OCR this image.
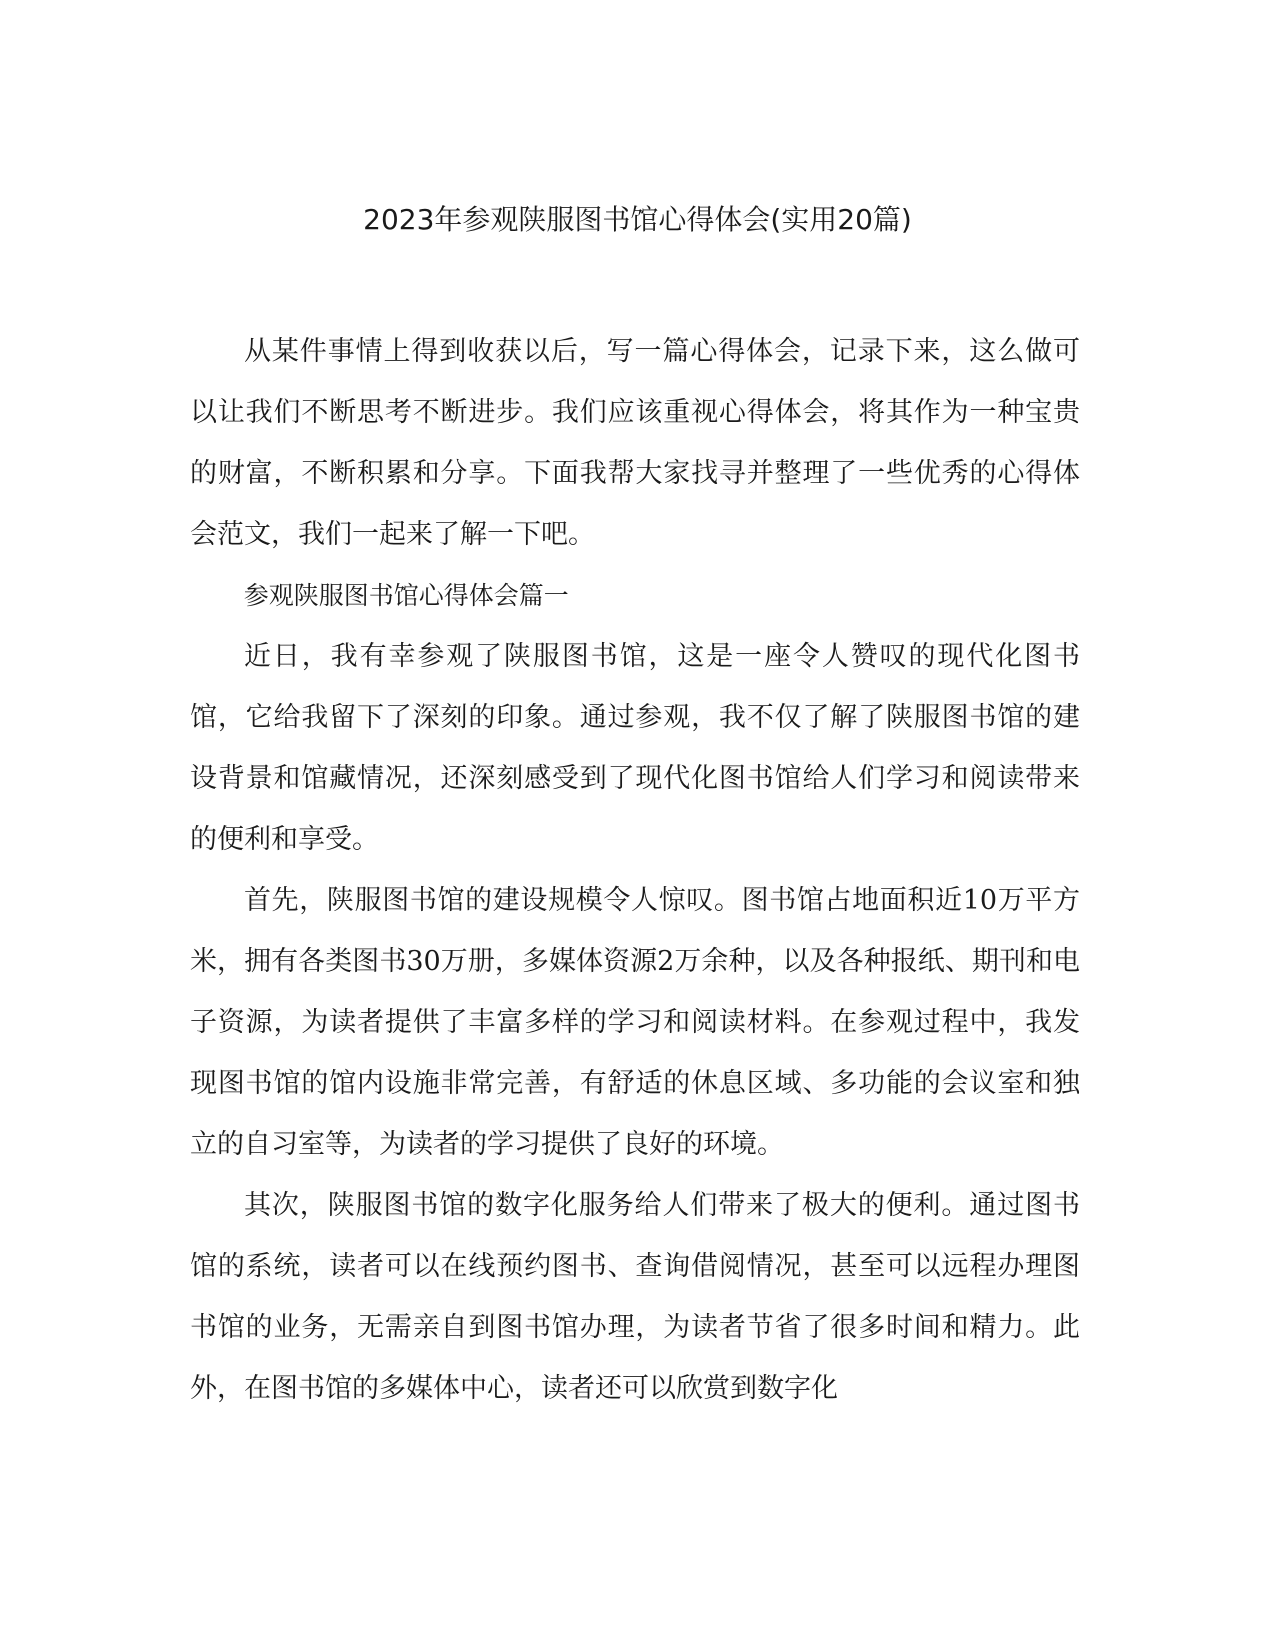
2023年参观陕服图书馆心得体会(实用20篇)

从某件事情上得到收获以后，写一篇心得体会，记录下来，这么做可以让我们不断思考不断进步。我们应该重视心得体会，将其作为一种宝贵的财富，不断积累和分享。下面我帮大家找寻并整理了一些优秀的心得体会范文，我们一起来了解一下吧。

参观陕服图书馆心得体会篇一

近日，我有幸参观了陕服图书馆，这是一座令人赞叹的现代化图书馆，它给我留下了深刻的印象。通过参观，我不仅了解了陕服图书馆的建设背景和馆藏情况，还深刻感受到了现代化图书馆给人们学习和阅读带来的便利和享受。

首先，陕服图书馆的建设规模令人惊叹。图书馆占地面积近10万平方米，拥有各类图书30万册，多媒体资源2万余种，以及各种报纸、期刊和电子资源，为读者提供了丰富多样的学习和阅读材料。在参观过程中，我发现图书馆的馆内设施非常完善，有舒适的休息区域、多功能的会议室和独立的自习室等，为读者的学习提供了良好的环境。

其次，陕服图书馆的数字化服务给人们带来了极大的便利。通过图书馆的系统，读者可以在线预约图书、查询借阅情况，甚至可以远程办理图书馆的业务，无需亲自到图书馆办理，为读者节省了很多时间和精力。此外，在图书馆的多媒体中心，读者还可以欣赏到数字化
